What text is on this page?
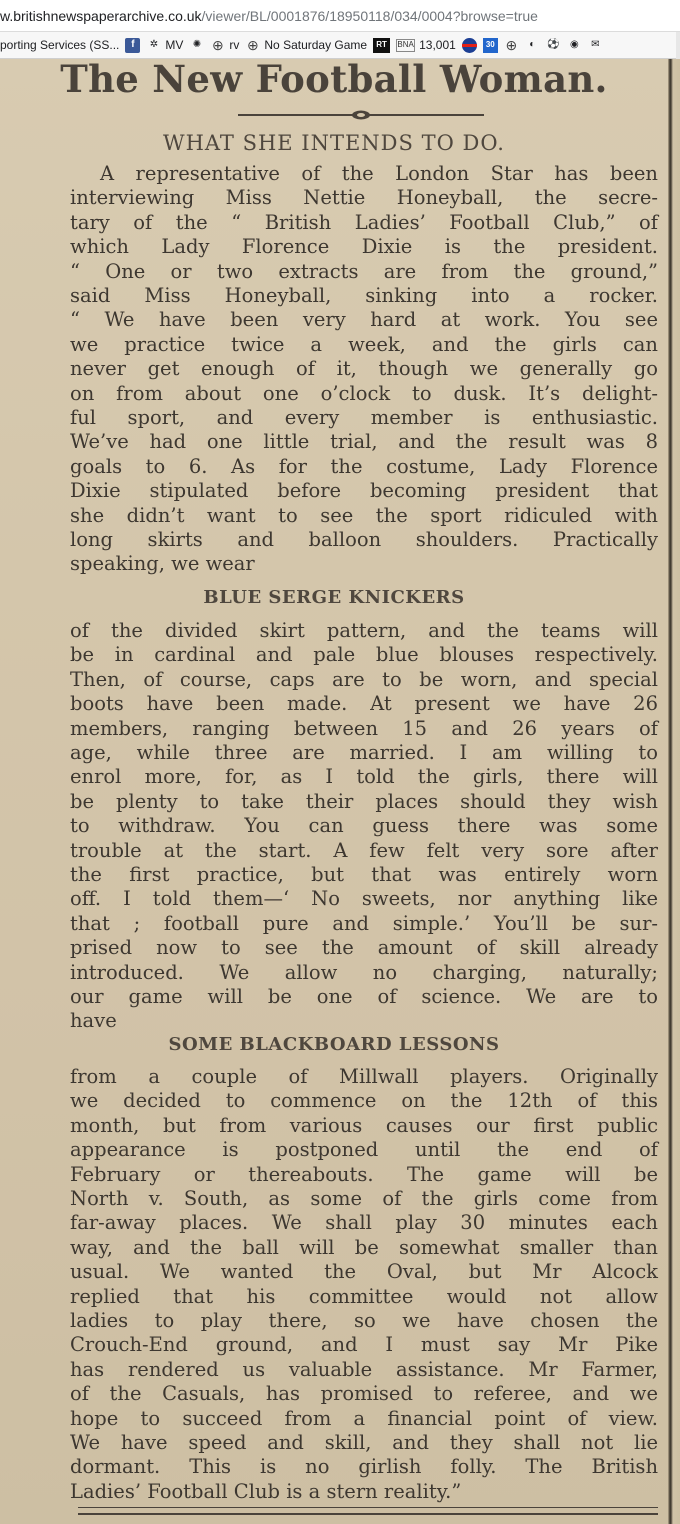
w.britishnewspaperarchive.co.uk/viewer/BL/0001876/18950118/034/0004?browse=true
porting Services (SS...	f	✲ MV ✺ ⊕ rv ⊕ No Saturday Game	RT	BNA 13,001	30 ⊕	◐	⚽	◉	✉
The New Football Woman.
WHAT SHE INTENDS TO DO.
A representative of the London Star has been
interviewing Miss Nettie Honeyball, the secre-
tary of the “ British Ladies’ Football Club,” of
which Lady Florence Dixie is the president.
“ One or two extracts are from the ground,”
said Miss Honeyball, sinking into a rocker.
“ We have been very hard at work. You see
we practice twice a week, and the girls can
never get enough of it, though we generally go
on from about one o’clock to dusk. It’s delight-
ful sport, and every member is enthusiastic.
We’ve had one little trial, and the result was 8
goals to 6. As for the costume, Lady Florence
Dixie stipulated before becoming president that
she didn’t want to see the sport ridiculed with
long skirts and balloon shoulders. Practically
speaking, we wear
BLUE SERGE KNICKERS
of the divided skirt pattern, and the teams will
be in cardinal and pale blue blouses respectively.
Then, of course, caps are to be worn, and special
boots have been made. At present we have 26
members, ranging between 15 and 26 years of
age, while three are married. I am willing to
enrol more, for, as I told the girls, there will
be plenty to take their places should they wish
to withdraw. You can guess there was some
trouble at the start. A few felt very sore after
the first practice, but that was entirely worn
off. I told them—‘ No sweets, nor anything like
that ; football pure and simple.’ You’ll be sur-
prised now to see the amount of skill already
introduced. We allow no charging, naturally;
our game will be one of science. We are to
have
SOME BLACKBOARD LESSONS
from a couple of Millwall players. Originally
we decided to commence on the 12th of this
month, but from various causes our first public
appearance is postponed until the end of
February or thereabouts. The game will be
North v. South, as some of the girls come from
far-away places. We shall play 30 minutes each
way, and the ball will be somewhat smaller than
usual. We wanted the Oval, but Mr Alcock
replied that his committee would not allow
ladies to play there, so we have chosen the
Crouch-End ground, and I must say Mr Pike
has rendered us valuable assistance. Mr Farmer,
of the Casuals, has promised to referee, and we
hope to succeed from a financial point of view.
We have speed and skill, and they shall not lie
dormant. This is no girlish folly. The British
Ladies’ Football Club is a stern reality.”
